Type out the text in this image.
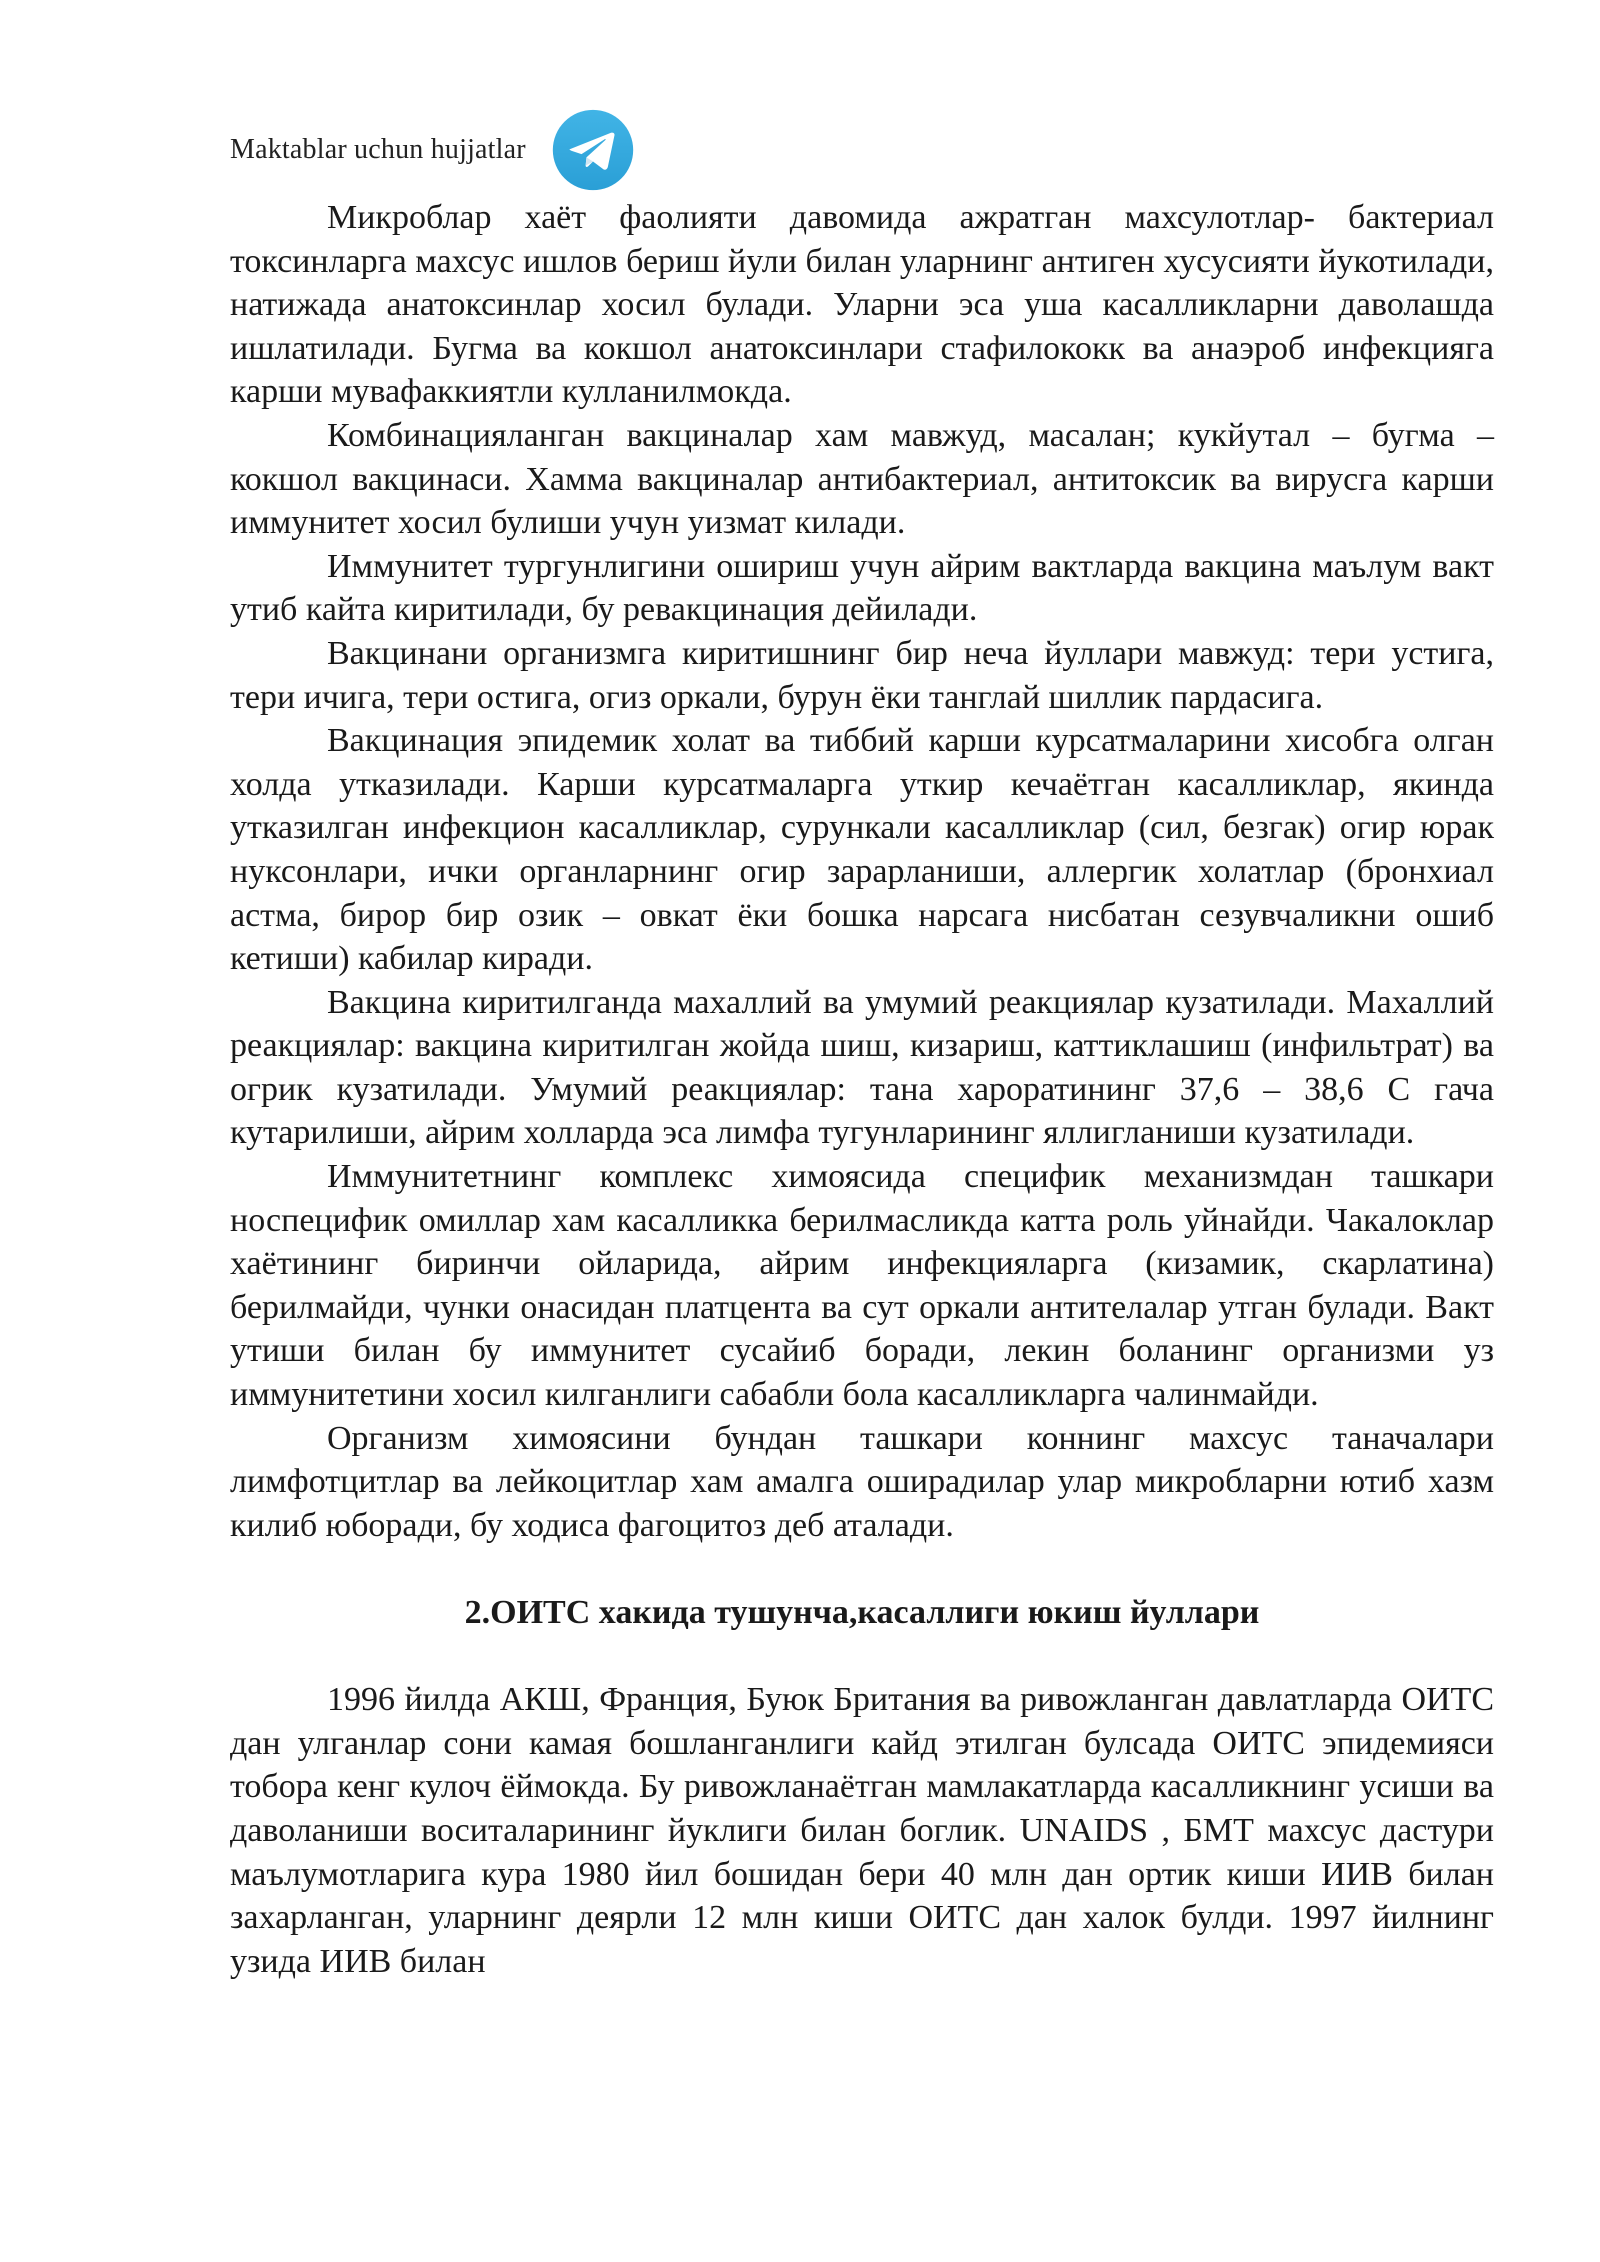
Maktablar uchun hujjatlar

Микроблар хаёт фаолияти давомида ажратган махсулотлар- бактериал токсинларга махсус ишлов бериш йули билан уларнинг антиген хусусияти йукотилади, натижада анатоксинлар хосил булади. Уларни эса уша касалликларни даволашда ишлатилади. Бугма ва кокшол анатоксинлари стафилококк ва анаэроб инфекцияга карши мувафаккиятли кулланилмокда.

Комбинацияланган вакциналар хам мавжуд, масалан; кукйутал – бугма – кокшол вакцинаси. Хамма вакциналар антибактериал, антитоксик ва вирусга карши иммунитет хосил булиши учун уизмат килади.

Иммунитет тургунлигини ошириш учун айрим вактларда вакцина маълум вакт утиб кайта киритилади, бу ревакцинация дейилади.

Вакцинани организмга киритишнинг бир неча йуллари мавжуд: тери устига, тери ичига, тери остига, огиз оркали, бурун ёки танглай шиллик пардасига.

Вакцинация эпидемик холат ва тиббий карши курсатмаларини хисобга олган холда утказилади. Карши курсатмаларга уткир кечаётган касалликлар, якинда утказилган инфекцион касалликлар, сурункали касалликлар (сил, безгак) огир юрак нуксонлари, ички органларнинг огир зарарланиши, аллергик холатлар (бронхиал астма, бирор бир озик – овкат ёки бошка нарсага нисбатан сезувчаликни ошиб кетиши) кабилар киради.

Вакцина киритилганда махаллий ва умумий реакциялар кузатилади. Махаллий реакциялар: вакцина киритилган жойда шиш, кизариш, каттиклашиш (инфильтрат) ва огрик кузатилади. Умумий реакциялар: тана хароратининг 37,6 – 38,6 С гача кутарилиши, айрим холларда эса лимфа тугунларининг яллигланиши кузатилади.

Иммунитетнинг комплекс химоясида специфик механизмдан ташкари носпецифик омиллар хам касалликка берилмасликда катта роль уйнайди. Чакалоклар хаётининг биринчи ойларида, айрим инфекцияларга (кизамик, скарлатина) берилмайди, чунки онасидан платцента ва сут оркали антителалар утган булади. Вакт утиши билан бу иммунитет сусайиб боради, лекин боланинг организми уз иммунитетини хосил килганлиги сабабли бола касалликларга чалинмайди.

Организм химоясини бундан ташкари коннинг махсус таначалари лимфотцитлар ва лейкоцитлар хам амалга оширадилар улар микробларни ютиб хазм килиб юборади, бу ходиса фагоцитоз деб аталади.

2.ОИТС хакида тушунча,касаллиги юкиш йуллари

1996 йилда АКШ, Франция, Буюк Британия ва ривожланган давлатларда ОИТС дан улганлар сони камая бошланганлиги кайд этилган булсада ОИТС эпидемияси тобора кенг кулоч ёймокда. Бу ривожланаётган мамлакатларда касалликнинг усиши ва даволаниши воситаларининг йуклиги билан боглик. UNAIDS , БМТ махсус дастури маълумотларига кура 1980 йил бошидан бери 40 млн дан ортик киши ИИВ билан захарланган, уларнинг деярли 12 млн киши ОИТС дан халок булди. 1997 йилнинг узида ИИВ билан
